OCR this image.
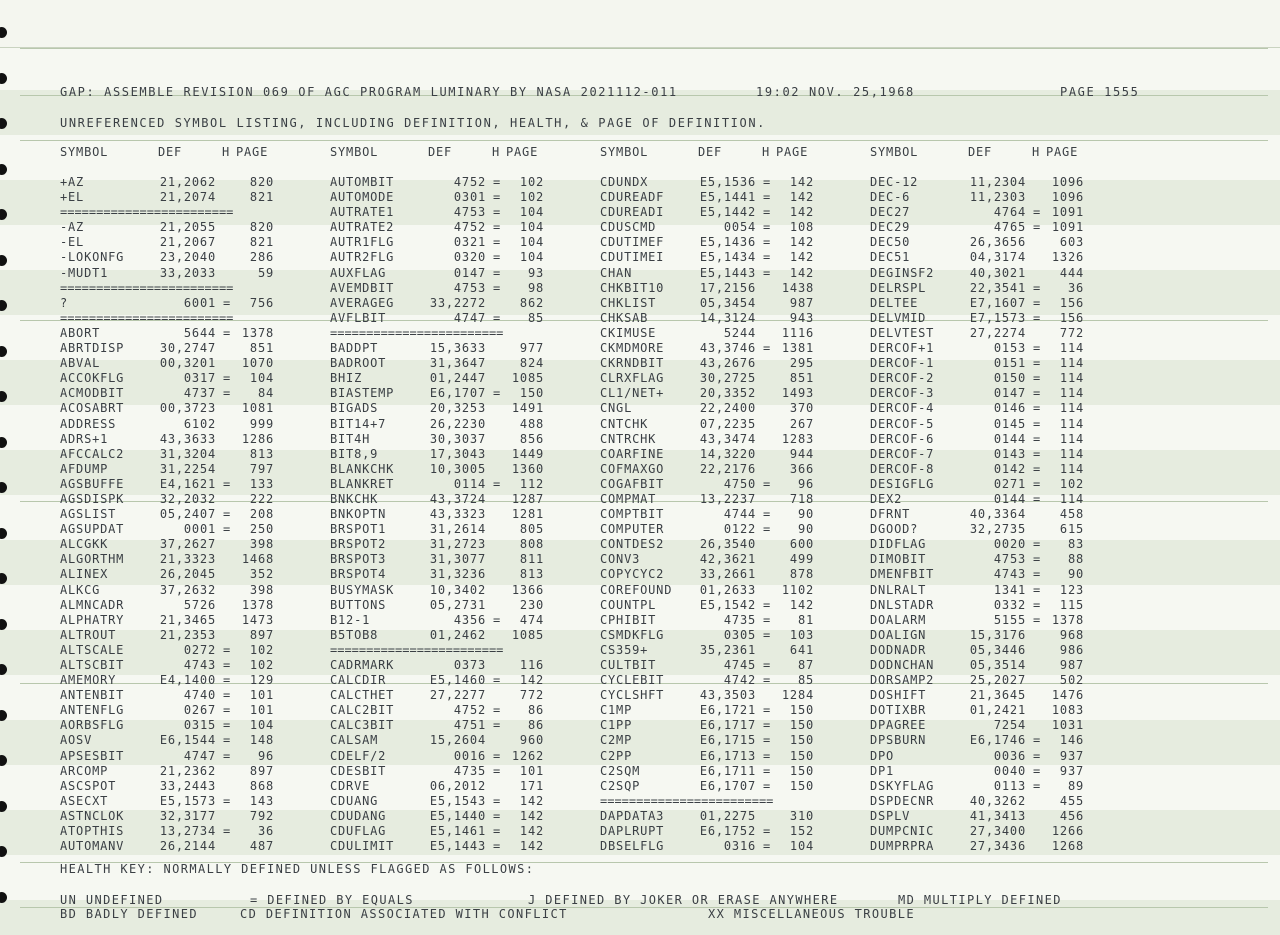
GAP: ASSEMBLE REVISION 069 OF AGC PROGRAM LUMINARY BY NASA 2021112-011	19:02 NOV. 25,1968	PAGE 1555
UNREFERENCED SYMBOL LISTING, INCLUDING DEFINITION, HEALTH, & PAGE OF DEFINITION.
SYMBOL	DEF	H PAGE
+AZ	21,2062	820
+EL	21,2074	821
========================
-AZ	21,2055	820
-EL	21,2067	821
-LOKONFG	23,2040	286
-MUDT1	33,2033	59
========================
?	6001 =	756
========================
ABORT	5644 = 1378
ABRTDISP	30,2747	851
ABVAL	00,3201	1070
ACCOKFLG	0317 =	104
ACMODBIT	4737 =	84
ACOSABRT	00,3723	1081
ADDRESS	6102	999
ADRS+1	43,3633	1286
AFCCALC2	31,3204	813
AFDUMP	31,2254	797
AGSBUFFE	E4,1621 =	133
AGSDISPK	32,2032	222
AGSLIST	05,2407 =	208
AGSUPDAT	0001 =	250
ALCGKK	37,2627	398
ALGORTHM	21,3323	1468
ALINEX	26,2045	352
ALKCG	37,2632	398
ALMNCADR	5726	1378
ALPHATRY	21,3465	1473
ALTROUT	21,2353	897
ALTSCALE	0272 =	102
ALTSCBIT	4743 =	102
AMEMORY	E4,1400 =	129
ANTENBIT	4740 =	101
ANTENFLG	0267 =	101
AORBSFLG	0315 =	104
AOSV	E6,1544 =	148
APSESBIT	4747 =	96
ARCOMP	21,2362	897
ASCSPOT	33,2443	868
ASECXT	E5,1573 =	143
ASTNCLOK	32,3177	792
ATOPTHIS	13,2734 =	36
AUTOMANV	26,2144	487
SYMBOL	DEF	H PAGE
AUTOMBIT	4752 =	102
AUTOMODE	0301 =	102
AUTRATE1	4753 =	104
AUTRATE2	4752 =	104
AUTR1FLG	0321 =	104
AUTR2FLG	0320 =	104
AUXFLAG	0147 =	93
AVEMDBIT	4753 =	98
AVERAGEG	33,2272	862
AVFLBIT	4747 =	85
========================
BADDPT	15,3633	977
BADROOT	31,3647	824
BHIZ	01,2447	1085
BIASTEMP	E6,1707 =	150
BIGADS	20,3253	1491
BIT14+7	26,2230	488
BIT4H	30,3037	856
BIT8,9	17,3043	1449
BLANKCHK	10,3005	1360
BLANKRET	0114 =	112
BNKCHK	43,3724	1287
BNKOPTN	43,3323	1281
BRSPOT1	31,2614	805
BRSPOT2	31,2723	808
BRSPOT3	31,3077	811
BRSPOT4	31,3236	813
BUSYMASK	10,3402	1366
BUTTONS	05,2731	230
B12-1	4356 =	474
B5TOB8	01,2462	1085
========================
CADRMARK	0373	116
CALCDIR	E5,1460 =	142
CALCTHET	27,2277	772
CALC2BIT	4752 =	86
CALC3BIT	4751 =	86
CALSAM	15,2604	960
CDELF/2	0016 = 1262
CDESBIT	4735 =	101
CDRVE	06,2012	171
CDUANG	E5,1543 =	142
CDUDANG	E5,1440 =	142
CDUFLAG	E5,1461 =	142
CDULIMIT	E5,1443 =	142
SYMBOL	DEF	H PAGE
CDUNDX	E5,1536 =	142
CDUREADF	E5,1441 =	142
CDUREADI	E5,1442 =	142
CDUSCMD	0054 =	108
CDUTIMEF	E5,1436 =	142
CDUTIMEI	E5,1434 =	142
CHAN	E5,1443 =	142
CHKBIT10	17,2156	1438
CHKLIST	05,3454	987
CHKSAB	14,3124	943
CKIMUSE	5244	1116
CKMDMORE	43,3746 = 1381
CKRNDBIT	43,2676	295
CLRXFLAG	30,2725	851
CL1/NET+	20,3352	1493
CNGL	22,2400	370
CNTCHK	07,2235	267
CNTRCHK	43,3474	1283
COARFINE	14,3220	944
COFMAXGO	22,2176	366
COGAFBIT	4750 =	96
COMPMAT	13,2237	718
COMPTBIT	4744 =	90
COMPUTER	0122 =	90
CONTDES2	26,3540	600
CONV3	42,3621	499
COPYCYC2	33,2661	878
COREFOUND	01,2633	1102
COUNTPL	E5,1542 =	142
CPHIBIT	4735 =	81
CSMDKFLG	0305 =	103
CS359+	35,2361	641
CULTBIT	4745 =	87
CYCLEBIT	4742 =	85
CYCLSHFT	43,3503	1284
C1MP	E6,1721 =	150
C1PP	E6,1717 =	150
C2MP	E6,1715 =	150
C2PP	E6,1713 =	150
C2SQM	E6,1711 =	150
C2SQP	E6,1707 =	150
========================
DAPDATA3	01,2275	310
DAPLRUPT	E6,1752 =	152
DBSELFLG	0316 =	104
SYMBOL	DEF	H PAGE
DEC-12	11,2304	1096
DEC-6	11,2303	1096
DEC27	4764 = 1091
DEC29	4765 = 1091
DEC50	26,3656	603
DEC51	04,3174	1326
DEGINSF2	40,3021	444
DELRSPL	22,3541 =	36
DELTEE	E7,1607 =	156
DELVMID	E7,1573 =	156
DELVTEST	27,2274	772
DERCOF+1	0153 =	114
DERCOF-1	0151 =	114
DERCOF-2	0150 =	114
DERCOF-3	0147 =	114
DERCOF-4	0146 =	114
DERCOF-5	0145 =	114
DERCOF-6	0144 =	114
DERCOF-7	0143 =	114
DERCOF-8	0142 =	114
DESIGFLG	0271 =	102
DEX2	0144 =	114
DFRNT	40,3364	458
DGOOD?	32,2735	615
DIDFLAG	0020 =	83
DIMOBIT	4753 =	88
DMENFBIT	4743 =	90
DNLRALT	1341 =	123
DNLSTADR	0332 =	115
DOALARM	5155 = 1378
DOALIGN	15,3176	968
DODNADR	05,3446	986
DODNCHAN	05,3514	987
DORSAMP2	25,2027	502
DOSHIFT	21,3645	1476
DOTIXBR	01,2421	1083
DPAGREE	7254	1031
DPSBURN	E6,1746 =	146
DPO	0036 =	937
DP1	0040 =	937
DSKYFLAG	0113 =	89
DSPDECNR	40,3262	455
DSPLV	41,3413	456
DUMPCNIC	27,3400	1266
DUMPRPRA	27,3436	1268
HEALTH KEY: NORMALLY DEFINED UNLESS FLAGGED AS FOLLOWS:
UN UNDEFINED	= DEFINED BY EQUALS	J DEFINED BY JOKER OR ERASE ANYWHERE	MD MULTIPLY DEFINED
BD BADLY DEFINED	CD DEFINITION ASSOCIATED WITH CONFLICT	XX MISCELLANEOUS TROUBLE
